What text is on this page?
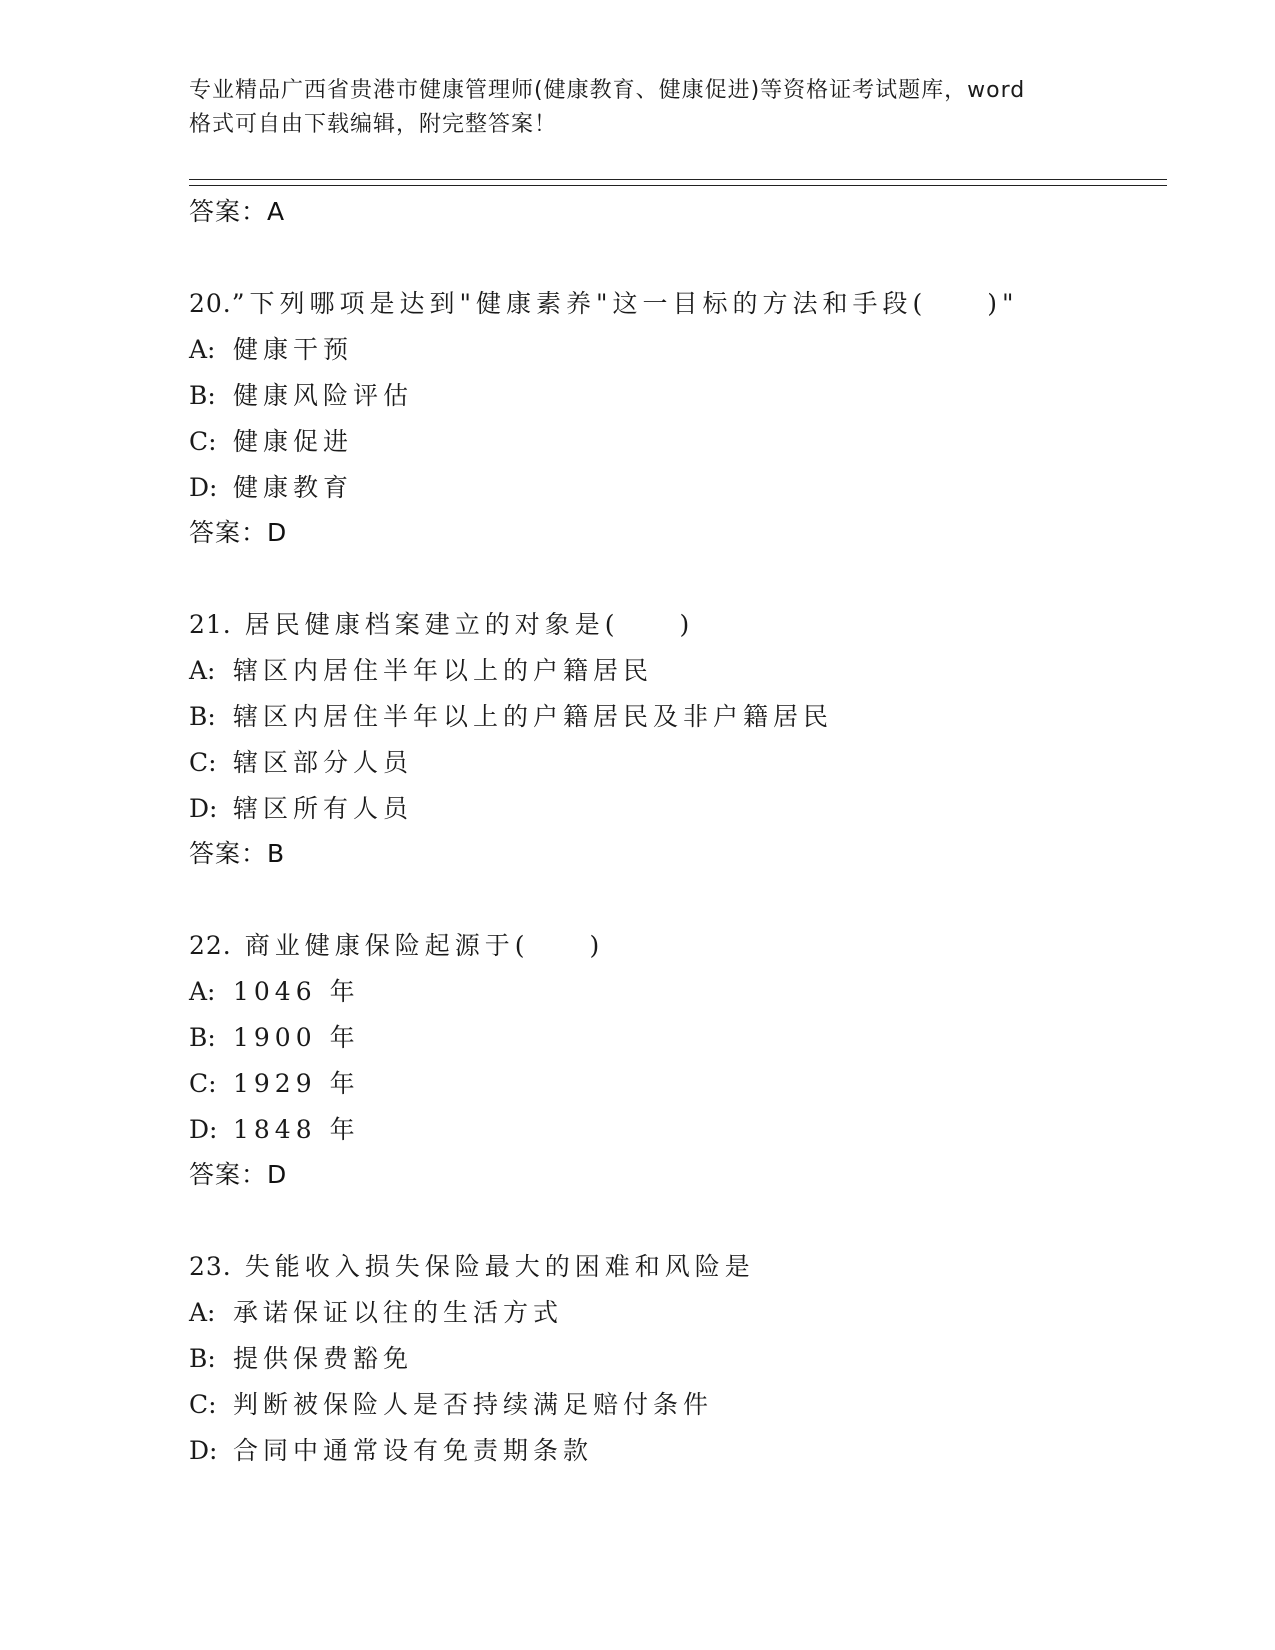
专业精品广西省贵港市健康管理师(健康教育、健康促进)等资格证考试题库，word
格式可自由下载编辑，附完整答案！
答案：A
20.”下列哪项是达到"健康素养"这一目标的方法和手段(　　)"
A: 健康干预
B: 健康风险评估
C: 健康促进
D: 健康教育
答案：D
21. 居民健康档案建立的对象是(　　)
A: 辖区内居住半年以上的户籍居民
B: 辖区内居住半年以上的户籍居民及非户籍居民
C: 辖区部分人员
D: 辖区所有人员
答案：B
22. 商业健康保险起源于(　　)
A: 1046 年
B: 1900 年
C: 1929 年
D: 1848 年
答案：D
23. 失能收入损失保险最大的困难和风险是
A: 承诺保证以往的生活方式
B: 提供保费豁免
C: 判断被保险人是否持续满足赔付条件
D: 合同中通常设有免责期条款
